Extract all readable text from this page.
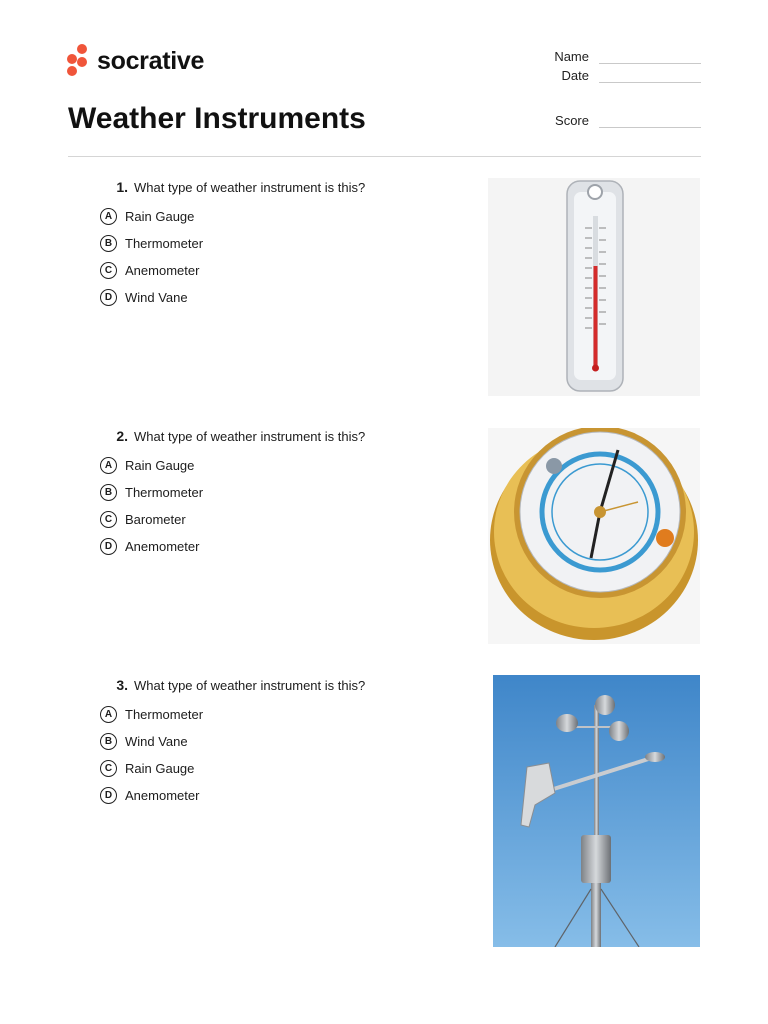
socrative
Weather Instruments
Name
Date
Score
1. What type of weather instrument is this?
A Rain Gauge
B Thermometer
C Anemometer
D Wind Vane
2. What type of weather instrument is this?
A Rain Gauge
B Thermometer
C Barometer
D Anemometer
3. What type of weather instrument is this?
A Thermometer
B Wind Vane
C Rain Gauge
D Anemometer
